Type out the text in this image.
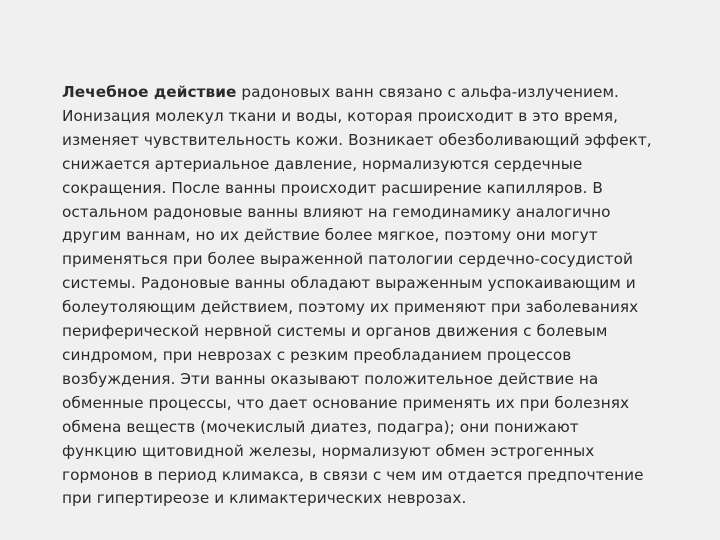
Лечебное действие радоновых ванн связано с альфа-излучением.
Ионизация молекул ткани и воды, которая происходит в это время,
изменяет чувствительность кожи. Возникает обезболивающий эффект,
снижается артериальное давление, нормализуются сердечные
сокращения. После ванны происходит расширение капилляров. В
остальном радоновые ванны влияют на гемодинамику аналогично
другим ваннам, но их действие более мягкое, поэтому они могут
применяться при более выраженной патологии сердечно-сосудистой
системы. Радоновые ванны обладают выраженным успокаивающим и
болеутоляющим действием, поэтому их применяют при заболеваниях
периферической нервной системы и органов движения с болевым
синдромом, при неврозах с резким преобладанием процессов
возбуждения. Эти ванны оказывают положительное действие на
обменные процессы, что дает основание применять их при болезнях
обмена веществ (мочекислый диатез, подагра); они понижают
функцию щитовидной железы, нормализуют обмен эстрогенных
гормонов в период климакса, в связи с чем им отдается предпочтение
при гипертиреозе и климактерических неврозах.
